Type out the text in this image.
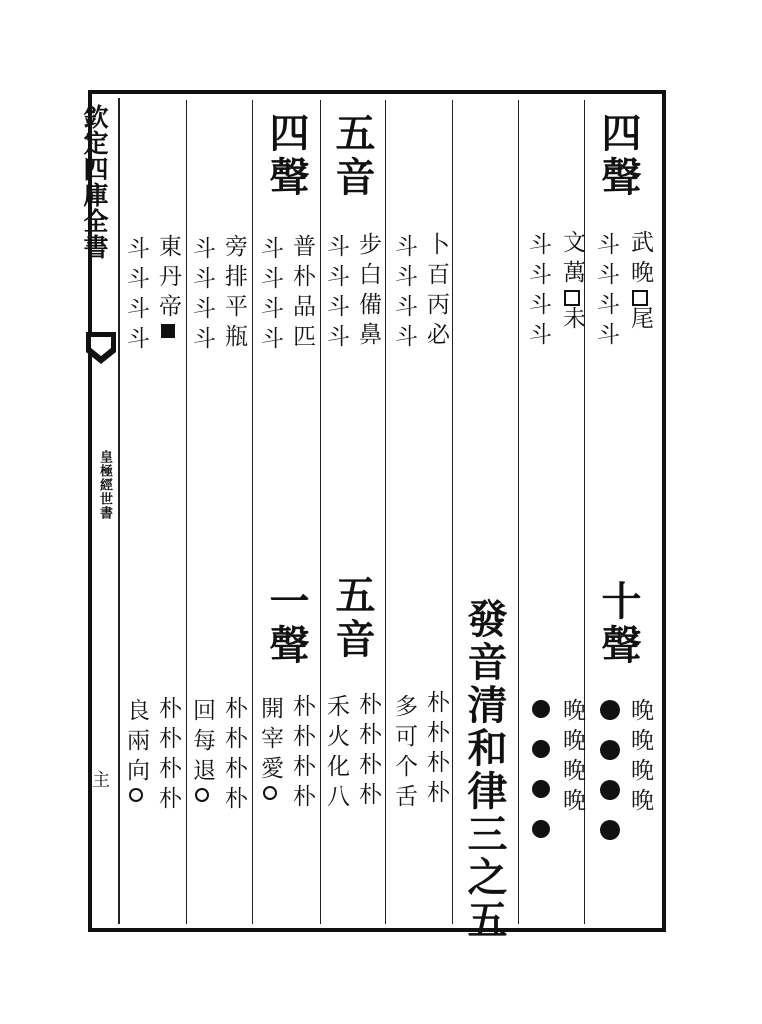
欽定四庫全書
皇極經世書
主
四聲
武晚尾
斗斗斗斗
十聲
晚晚晚晚
文萬未
斗斗斗斗
晚晚晚晚
發音清和律三之五
卜百丙必
斗斗斗斗
朴朴朴朴
多可个舌
五音
步白備鼻
斗斗斗斗
五音
朴朴朴朴
禾火化八
四聲
普朴品匹
斗斗斗斗
一聲
朴朴朴朴
開宰愛
旁排平瓶
斗斗斗斗
朴朴朴朴
回每退
東丹帝
斗斗斗斗
朴朴朴朴
良兩向
